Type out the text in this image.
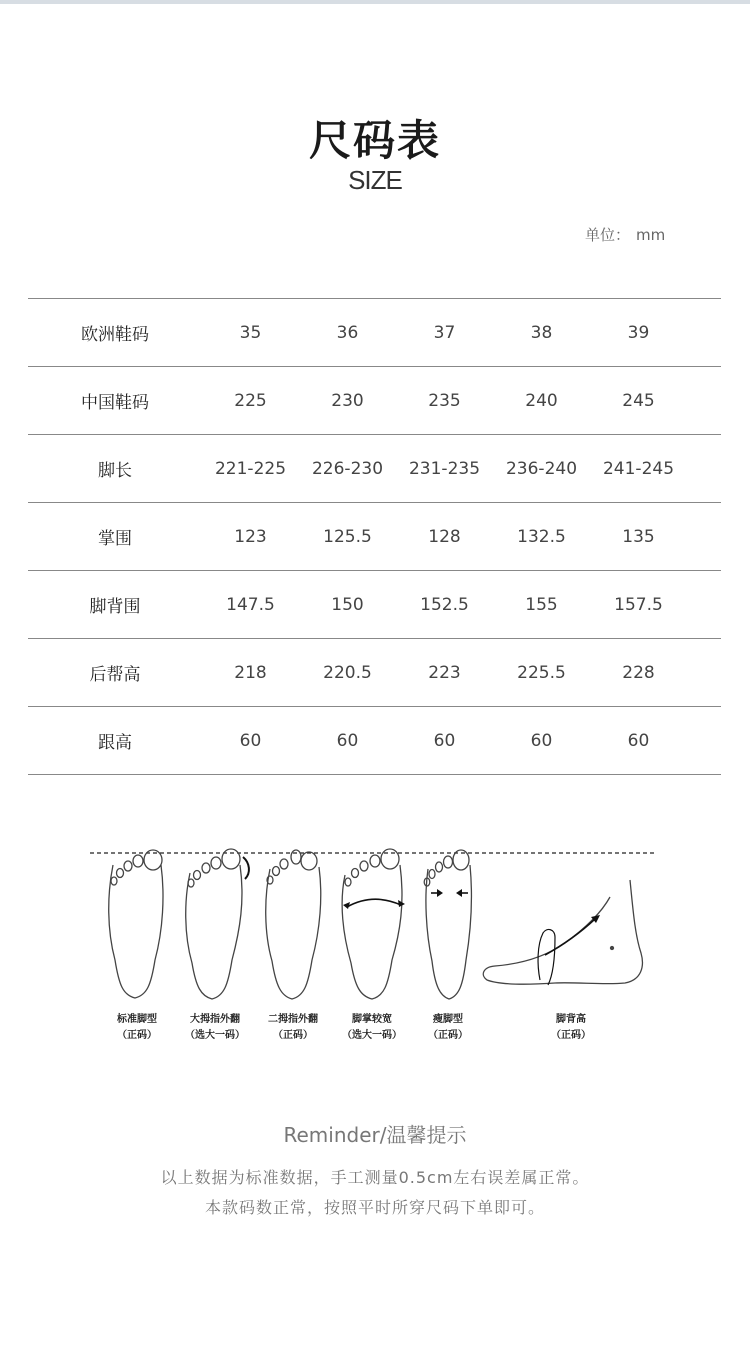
尺码表
SIZE
单位： mm
欧洲鞋码	35	36	37	38	39	
中国鞋码	225	230	235	240	245	
脚长	221-225	226-230	231-235	236-240	241-245	
掌围	123	125.5	128	132.5	135	
脚背围	147.5	150	152.5	155	157.5	
后帮高	218	220.5	223	225.5	228	
跟高	60	60	60	60	60	
标准脚型
（正码）
大拇指外翻
（选大一码）
二拇指外翻
（正码）
脚掌较宽
（选大一码）
瘦脚型
（正码）
脚背高
（正码）
Reminder/温馨提示
以上数据为标准数据，手工测量0.5cm左右误差属正常。
本款码数正常，按照平时所穿尺码下单即可。
